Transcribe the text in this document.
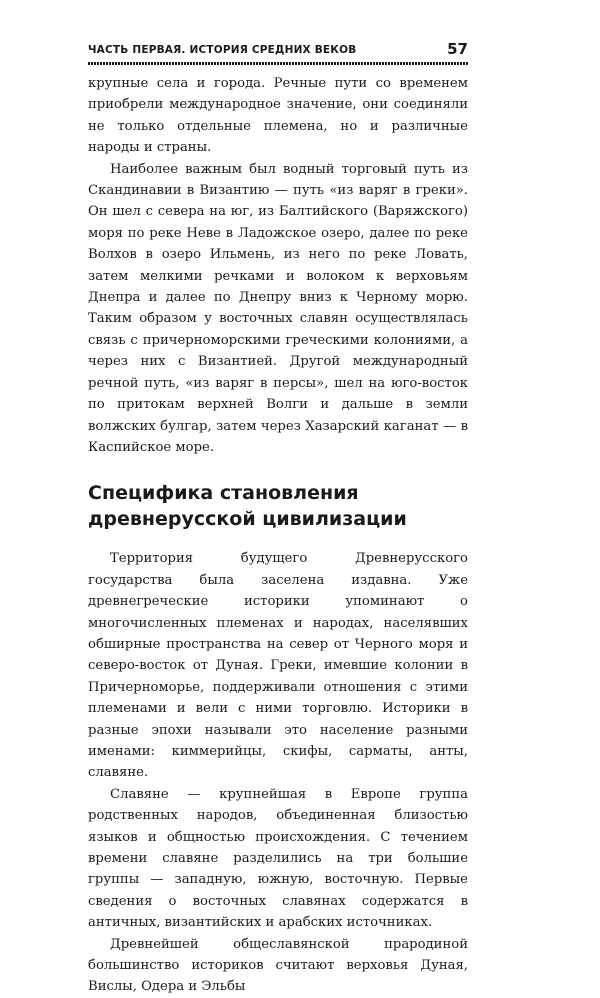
ЧАСТЬ ПЕРВАЯ. ИСТОРИЯ СРЕДНИХ ВЕКОВ	57

крупные села и города. Речные пути со временем приобрели международное значение, они соединяли не только отдельные племена, но и различные народы и страны.

Наиболее важным был водный торговый путь из Скандинавии в Византию — путь «из варяг в греки». Он шел с севера на юг, из Балтийского (Варяжского) моря по реке Неве в Ладожское озеро, далее по реке Волхов в озеро Ильмень, из него по реке Ловать, затем мелкими речками и волоком к верховьям Днепра и далее по Днепру вниз к Черному морю. Таким образом у восточных славян осуществлялась связь с причерноморскими греческими колониями, а через них с Византией. Другой международный речной путь, «из варяг в персы», шел на юго-восток по притокам верхней Волги и дальше в земли волжских булгар, затем через Хазарский каганат — в Каспийское море.

Специфика становления
древнерусской цивилизации

Территория будущего Древнерусского государства была заселена издавна. Уже древнегреческие историки упоминают о многочисленных племенах и народах, населявших обширные пространства на север от Черного моря и северо-восток от Дуная. Греки, имевшие колонии в Причерноморье, поддерживали отношения с этими племенами и вели с ними торговлю. Историки в разные эпохи называли это население разными именами: киммерийцы, скифы, сарматы, анты, славяне.

Славяне — крупнейшая в Европе группа родственных народов, объединенная близостью языков и общностью происхождения. С течением времени славяне разделились на три большие группы — западную, южную, восточную. Первые сведения о восточных славянах содержатся в античных, византийских и арабских источниках.

Древнейшей общеславянской прародиной большинство историков считают верховья Дуная, Вислы, Одера и Эльбы
